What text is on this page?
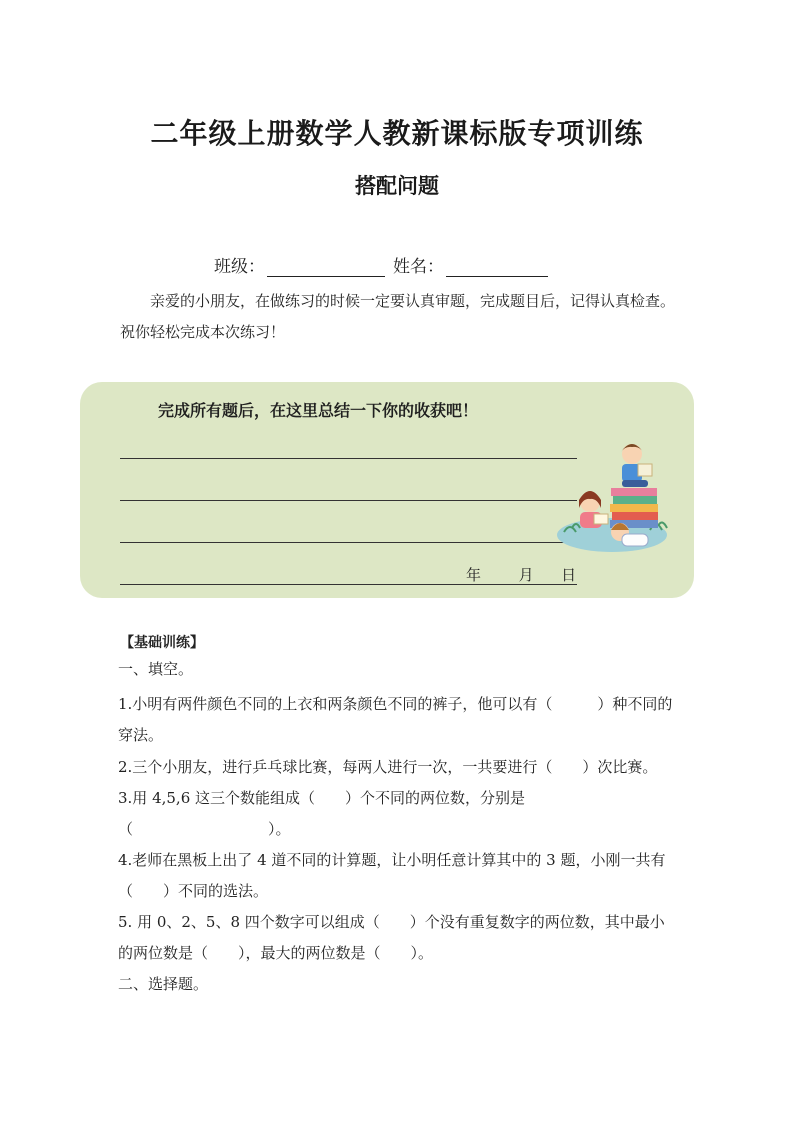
二年级上册数学人教新课标版专项训练
搭配问题
班级：	姓名：
亲爱的小朋友，在做练习的时候一定要认真审题，完成题目后，记得认真检查。祝你轻松完成本次练习！
完成所有题后，在这里总结一下你的收获吧！
年	月 日
【基础训练】
一、填空。
1.小明有两件颜色不同的上衣和两条颜色不同的裤子，他可以有（　　　）种不同的穿法。
2.三个小朋友，进行乒乓球比赛，每两人进行一次，一共要进行（　　）次比赛。
3.用 4,5,6 这三个数能组成（　　）个不同的两位数，分别是（　　　　　　　　　）。
4.老师在黑板上出了 4 道不同的计算题，让小明任意计算其中的 3 题，小刚一共有（　　）不同的选法。
5. 用 0、2、5、8 四个数字可以组成（　　）个没有重复数字的两位数，其中最小的两位数是（　　），最大的两位数是（　　）。
二、选择题。
